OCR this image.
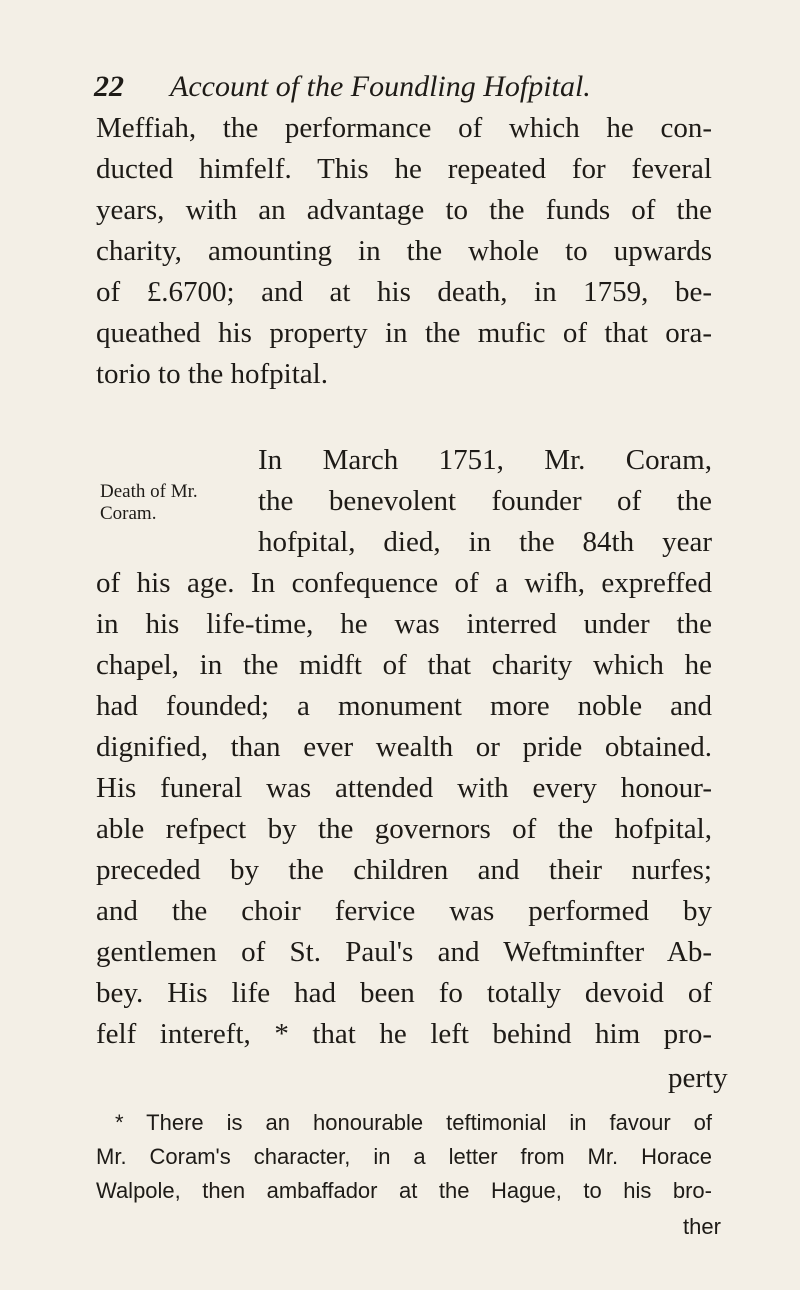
22 Account of the Foundling Hofpital.
Meffiah, the performance of which he con-
ducted himfelf. This he repeated for feveral
years, with an advantage to the funds of the
charity, amounting in the whole to upwards
of £.6700; and at his death, in 1759, be-
queathed his property in the mufic of that ora-
torio to the hofpital.
In March 1751, Mr. Coram,
the benevolent founder of the
hofpital, died, in the 84th year
of his age. In confequence of a wifh, expreffed
in his life-time, he was interred under the
chapel, in the midft of that charity which he
had founded; a monument more noble and
dignified, than ever wealth or pride obtained.
His funeral was attended with every honour-
able refpect by the governors of the hofpital,
preceded by the children and their nurfes;
and the choir fervice was performed by
gentlemen of St. Paul's and Weftminfter Ab-
bey. His life had been fo totally devoid of
felf intereft, * that he left behind him pro-
Death of Mr.
Coram.
perty
* There is an honourable teftimonial in favour of
Mr. Coram's character, in a letter from Mr. Horace
Walpole, then ambaffador at the Hague, to his bro-
ther
